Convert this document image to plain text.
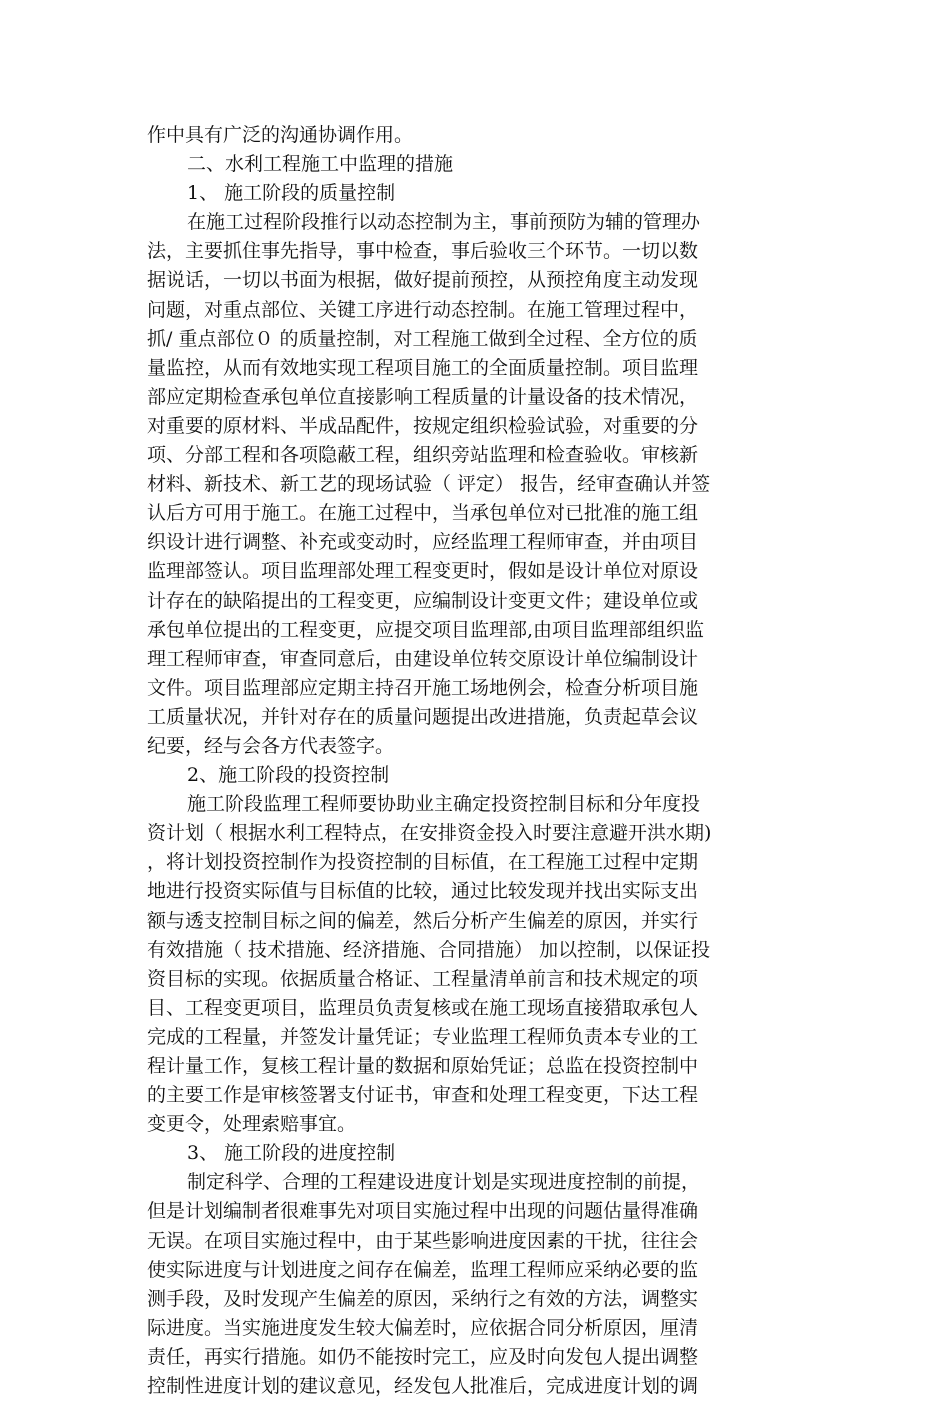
作中具有广泛的沟通协调作用。
二、水利工程施工中监理的措施
1、 施工阶段的质量控制
在施工过程阶段推行以动态控制为主，事前预防为辅的管理办
法，主要抓住事先指导，事中检查，事后验收三个环节。一切以数
据说话，一切以书面为根据，做好提前预控，从预控角度主动发现
问题，对重点部位、关键工序进行动态控制。在施工管理过程中，
抓/ 重点部位０ 的质量控制，对工程施工做到全过程、全方位的质
量监控，从而有效地实现工程项目施工的全面质量控制。项目监理
部应定期检查承包单位直接影响工程质量的计量设备的技术情况，
对重要的原材料、半成品配件，按规定组织检验试验，对重要的分
项、分部工程和各项隐蔽工程，组织旁站监理和检查验收。审核新
材料、新技术、新工艺的现场试验（ 评定） 报告，经审查确认并签
认后方可用于施工。在施工过程中，当承包单位对已批准的施工组
织设计进行调整、补充或变动时，应经监理工程师审查，并由项目
监理部签认。项目监理部处理工程变更时，假如是设计单位对原设
计存在的缺陷提出的工程变更，应编制设计变更文件；建设单位或
承包单位提出的工程变更，应提交项目监理部,由项目监理部组织监
理工程师审查，审查同意后，由建设单位转交原设计单位编制设计
文件。项目监理部应定期主持召开施工场地例会，检查分析项目施
工质量状况，并针对存在的质量问题提出改进措施，负责起草会议
纪要，经与会各方代表签字。
2、施工阶段的投资控制
施工阶段监理工程师要协助业主确定投资控制目标和分年度投
资计划（ 根据水利工程特点，在安排资金投入时要注意避开洪水期)
，将计划投资控制作为投资控制的目标值，在工程施工过程中定期
地进行投资实际值与目标值的比较，通过比较发现并找出实际支出
额与透支控制目标之间的偏差，然后分析产生偏差的原因，并实行
有效措施（ 技术措施、经济措施、合同措施） 加以控制，以保证投
资目标的实现。依据质量合格证、工程量清单前言和技术规定的项
目、工程变更项目，监理员负责复核或在施工现场直接猎取承包人
完成的工程量，并签发计量凭证；专业监理工程师负责本专业的工
程计量工作，复核工程计量的数据和原始凭证；总监在投资控制中
的主要工作是审核签署支付证书，审查和处理工程变更，下达工程
变更令，处理索赔事宜。
3、 施工阶段的进度控制
制定科学、合理的工程建设进度计划是实现进度控制的前提，
但是计划编制者很难事先对项目实施过程中出现的问题估量得准确
无误。在项目实施过程中，由于某些影响进度因素的干扰，往往会
使实际进度与计划进度之间存在偏差，监理工程师应采纳必要的监
测手段，及时发现产生偏差的原因，采纳行之有效的方法，调整实
际进度。当实施进度发生较大偏差时，应依据合同分析原因，厘清
责任，再实行措施。如仍不能按时完工，应及时向发包人提出调整
控制性进度计划的建议意见，经发包人批准后，完成进度计划的调
